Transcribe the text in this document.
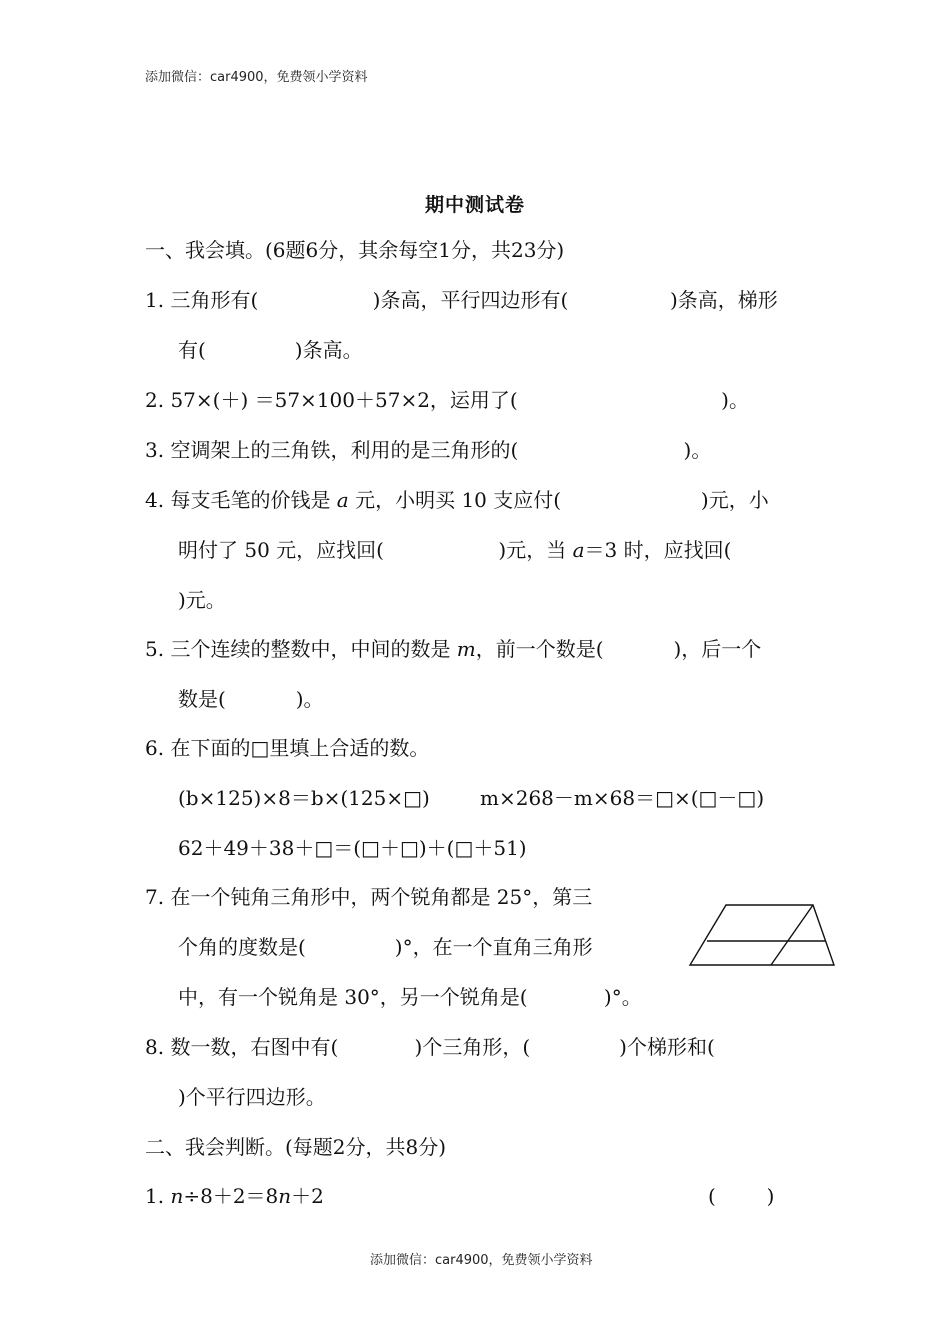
添加微信：car4900，免费领小学资料
期中测试卷
一、我会填。(6题6分，其余每空1分，共23分)
1. 三角形有(                  )条高，平行四边形有(                )条高，梯形
有(              )条高。
2. 57×(＋) ＝57×100＋57×2，运用了(                                )。
3. 空调架上的三角铁，利用的是三角形的(                          )。
4. 每支毛笔的价钱是 a 元，小明买 10 支应付(                      )元，小
明付了 50 元，应找回(                  )元，当 a＝3 时，应找回(
)元。
5. 三个连续的整数中，中间的数是 m，前一个数是(           )，后一个
数是(           )。
6. 在下面的□里填上合适的数。
(b×125)×8＝b×(125×□)	m×268－m×68＝□×(□－□)
62＋49＋38＋□＝(□＋□)＋(□＋51)
7. 在一个钝角三角形中，两个锐角都是 25°，第三
个角的度数是(              )°，在一个直角三角形
中，有一个锐角是 30°，另一个锐角是(            )°。
8. 数一数，右图中有(            )个三角形，(              )个梯形和(
)个平行四边形。
二、我会判断。(每题2分，共8分)
1. n÷8＋2＝8n＋2	(        )
添加微信：car4900，免费领小学资料
